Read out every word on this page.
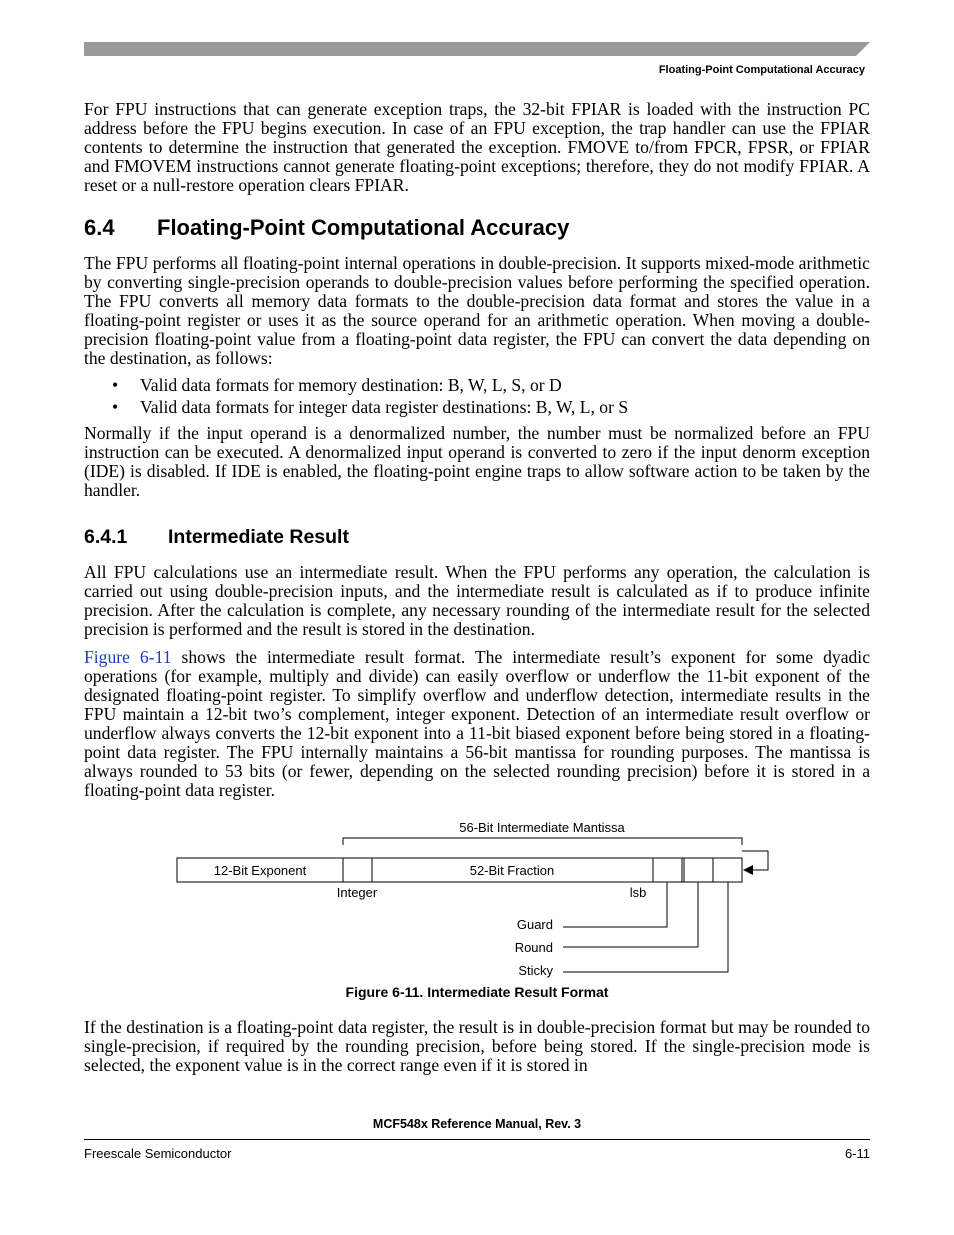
Floating-Point Computational Accuracy

For FPU instructions that can generate exception traps, the 32-bit FPIAR is loaded with the instruction PC address before the FPU begins execution. In case of an FPU exception, the trap handler can use the FPIAR contents to determine the instruction that generated the exception. FMOVE to/from FPCR, FPSR, or FPIAR and FMOVEM instructions cannot generate floating-point exceptions; therefore, they do not modify FPIAR. A reset or a null-restore operation clears FPIAR.

6.4 Floating-Point Computational Accuracy

The FPU performs all floating-point internal operations in double-precision. It supports mixed-mode arithmetic by converting single-precision operands to double-precision values before performing the specified operation. The FPU converts all memory data formats to the double-precision data format and stores the value in a floating-point register or uses it as the source operand for an arithmetic operation. When moving a double-precision floating-point value from a floating-point data register, the FPU can convert the data depending on the destination, as follows:

• Valid data formats for memory destination: B, W, L, S, or D
• Valid data formats for integer data register destinations: B, W, L, or S

Normally if the input operand is a denormalized number, the number must be normalized before an FPU instruction can be executed. A denormalized input operand is converted to zero if the input denorm exception (IDE) is disabled. If IDE is enabled, the floating-point engine traps to allow software action to be taken by the handler.

6.4.1 Intermediate Result

All FPU calculations use an intermediate result. When the FPU performs any operation, the calculation is carried out using double-precision inputs, and the intermediate result is calculated as if to produce infinite precision. After the calculation is complete, any necessary rounding of the intermediate result for the selected precision is performed and the result is stored in the destination.

Figure 6-11 shows the intermediate result format. The intermediate result’s exponent for some dyadic operations (for example, multiply and divide) can easily overflow or underflow the 11-bit exponent of the designated floating-point register. To simplify overflow and underflow detection, intermediate results in the FPU maintain a 12-bit two’s complement, integer exponent. Detection of an intermediate result overflow or underflow always converts the 12-bit exponent into a 11-bit biased exponent before being stored in a floating-point data register. The FPU internally maintains a 56-bit mantissa for rounding purposes. The mantissa is always rounded to 53 bits (or fewer, depending on the selected rounding precision) before it is stored in a floating-point data register.

56-Bit Intermediate Mantissa
12-Bit Exponent	52-Bit Fraction
Integer	lsb
Guard
Round
Sticky
Figure 6-11. Intermediate Result Format

If the destination is a floating-point data register, the result is in double-precision format but may be rounded to single-precision, if required by the rounding precision, before being stored. If the single-precision mode is selected, the exponent value is in the correct range even if it is stored in

MCF548x Reference Manual, Rev. 3
Freescale Semiconductor	6-11
